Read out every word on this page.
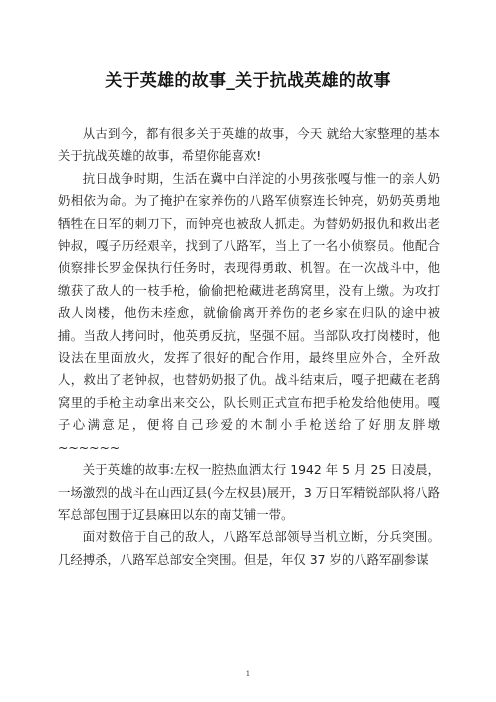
关于英雄的故事_关于抗战英雄的故事

从古到今，都有很多关于英雄的故事，今天 就给大家整理的基本关于抗战英雄的故事，希望你能喜欢!

抗日战争时期，生活在冀中白洋淀的小男孩张嘎与惟一的亲人奶奶相依为命。为了掩护在家养伤的八路军侦察连长钟亮，奶奶英勇地牺牲在日军的刺刀下，而钟亮也被敌人抓走。为替奶奶报仇和救出老钟叔，嘎子历经艰辛，找到了八路军，当上了一名小侦察员。他配合侦察排长罗金保执行任务时，表现得勇敢、机智。在一次战斗中，他缴获了敌人的一枝手枪，偷偷把枪藏进老鸹窝里，没有上缴。为攻打敌人岗楼，他伤未痊愈，就偷偷离开养伤的老乡家在归队的途中被捕。当敌人拷问时，他英勇反抗，坚强不屈。当部队攻打岗楼时，他设法在里面放火，发挥了很好的配合作用，最终里应外合，全歼敌人，救出了老钟叔，也替奶奶报了仇。战斗结束后，嘎子把藏在老鸹窝里的手枪主动拿出来交公，队长则正式宣布把手枪发给他使用。嘎子心满意足，便将自己珍爱的木制小手枪送给了好朋友胖墩~~~~~~

关于英雄的故事:左权一腔热血洒太行 1942 年 5 月 25 日凌晨，一场激烈的战斗在山西辽县(今左权县)展开，3 万日军精锐部队将八路军总部包围于辽县麻田以东的南艾铺一带。

面对数倍于自己的敌人，八路军总部领导当机立断，分兵突围。几经搏杀，八路军总部安全突围。但是，年仅 37 岁的八路军副参谋

1
